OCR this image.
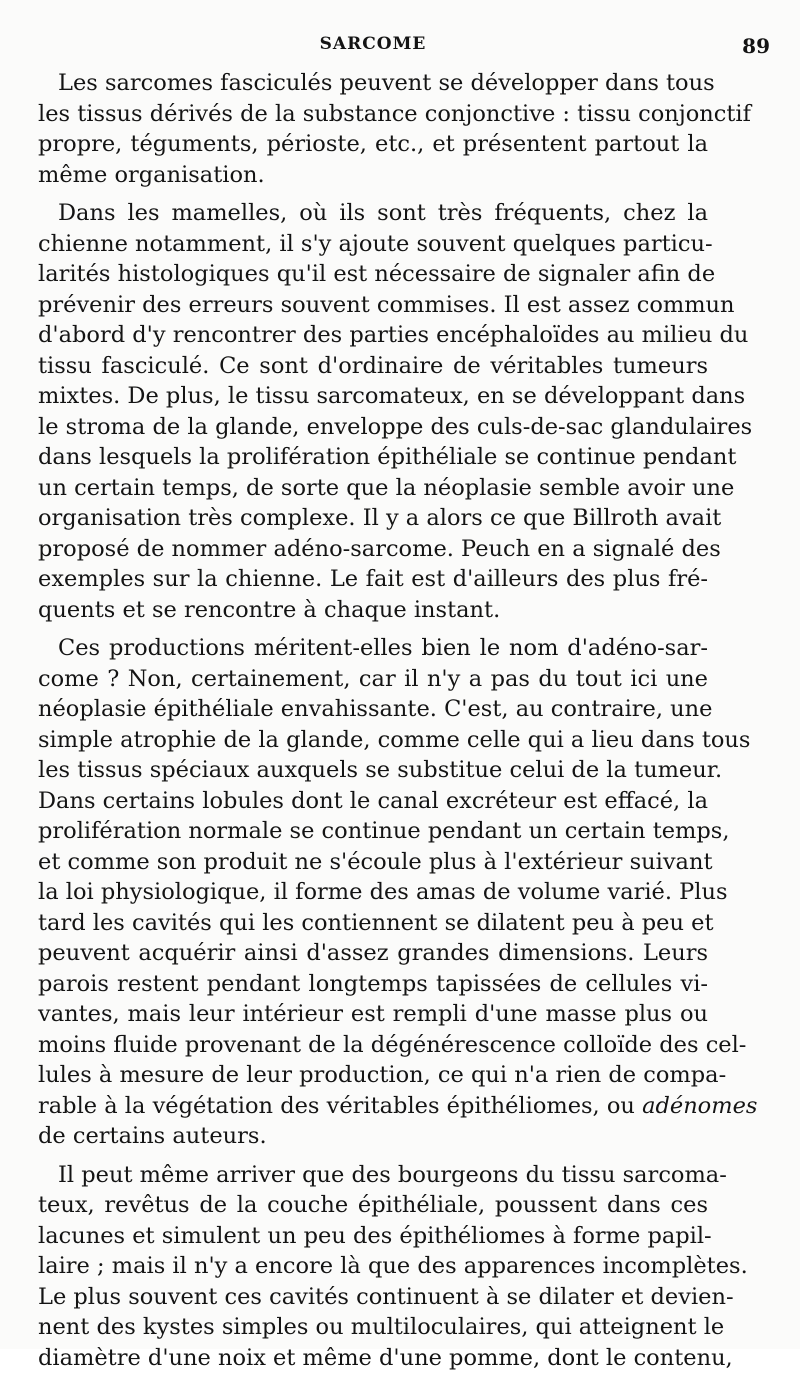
SARCOME	89
Les sarcomes fasciculés peuvent se développer dans tous
les tissus dérivés de la substance conjonctive : tissu conjonctif
propre, téguments, périoste, etc., et présentent partout la
même organisation.
Dans les mamelles, où ils sont très fréquents, chez la
chienne notamment, il s'y ajoute souvent quelques particu-
larités histologiques qu'il est nécessaire de signaler afin de
prévenir des erreurs souvent commises. Il est assez commun
d'abord d'y rencontrer des parties encéphaloïdes au milieu du
tissu fasciculé. Ce sont d'ordinaire de véritables tumeurs
mixtes. De plus, le tissu sarcomateux, en se développant dans
le stroma de la glande, enveloppe des culs-de-sac glandulaires
dans lesquels la prolifération épithéliale se continue pendant
un certain temps, de sorte que la néoplasie semble avoir une
organisation très complexe. Il y a alors ce que Billroth avait
proposé de nommer adéno-sarcome. Peuch en a signalé des
exemples sur la chienne. Le fait est d'ailleurs des plus fré-
quents et se rencontre à chaque instant.
Ces productions méritent-elles bien le nom d'adéno-sar-
come ? Non, certainement, car il n'y a pas du tout ici une
néoplasie épithéliale envahissante. C'est, au contraire, une
simple atrophie de la glande, comme celle qui a lieu dans tous
les tissus spéciaux auxquels se substitue celui de la tumeur.
Dans certains lobules dont le canal excréteur est effacé, la
prolifération normale se continue pendant un certain temps,
et comme son produit ne s'écoule plus à l'extérieur suivant
la loi physiologique, il forme des amas de volume varié. Plus
tard les cavités qui les contiennent se dilatent peu à peu et
peuvent acquérir ainsi d'assez grandes dimensions. Leurs
parois restent pendant longtemps tapissées de cellules vi-
vantes, mais leur intérieur est rempli d'une masse plus ou
moins fluide provenant de la dégénérescence colloïde des cel-
lules à mesure de leur production, ce qui n'a rien de compa-
rable à la végétation des véritables épithéliomes, ou adénomes
de certains auteurs.
Il peut même arriver que des bourgeons du tissu sarcoma-
teux, revêtus de la couche épithéliale, poussent dans ces
lacunes et simulent un peu des épithéliomes à forme papil-
laire ; mais il n'y a encore là que des apparences incomplètes.
Le plus souvent ces cavités continuent à se dilater et devien-
nent des kystes simples ou multiloculaires, qui atteignent le
diamètre d'une noix et même d'une pomme, dont le contenu,
